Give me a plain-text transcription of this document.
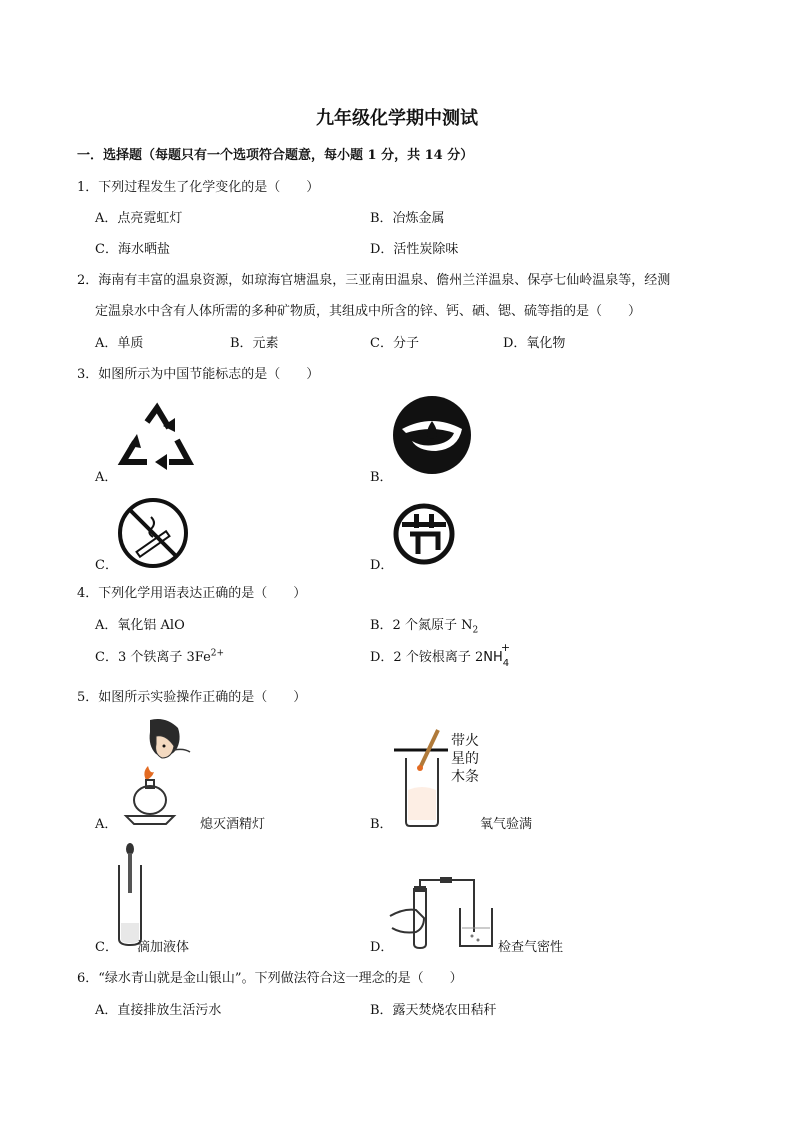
九年级化学期中测试
一．选择题（每题只有一个选项符合题意，每小题 1 分，共 14 分）
1．下列过程发生了化学变化的是（　　）
A．点亮霓虹灯	B．冶炼金属
C．海水晒盐	D．活性炭除味
2．海南有丰富的温泉资源，如琼海官塘温泉，三亚南田温泉、儋州兰洋温泉、保亭七仙岭温泉等，经测
定温泉水中含有人体所需的多种矿物质，其组成中所含的锌、钙、硒、锶、硫等指的是（　　）
A．单质	B．元素	C．分子	D．氧化物
3．如图所示为中国节能标志的是（　　）
A．	B．
C．	D．
4．下列化学用语表达正确的是（　　）
A．氧化铝 AlO	B．2 个氮原子 $N_2$
C．3 个铁离子 $3Fe^{2+}$	D．2 个铵根离子 $2NH_4$
+
5．如图所示实验操作正确的是（　　）
A．	熄灭酒精灯
带火
星的
木条
B．	氧气验满
C． 滴加液体	D．	检查气密性
6．“绿水青山就是金山银山”。下列做法符合这一理念的是（　　）
A．直接排放生活污水	B．露天焚烧农田秸秆
